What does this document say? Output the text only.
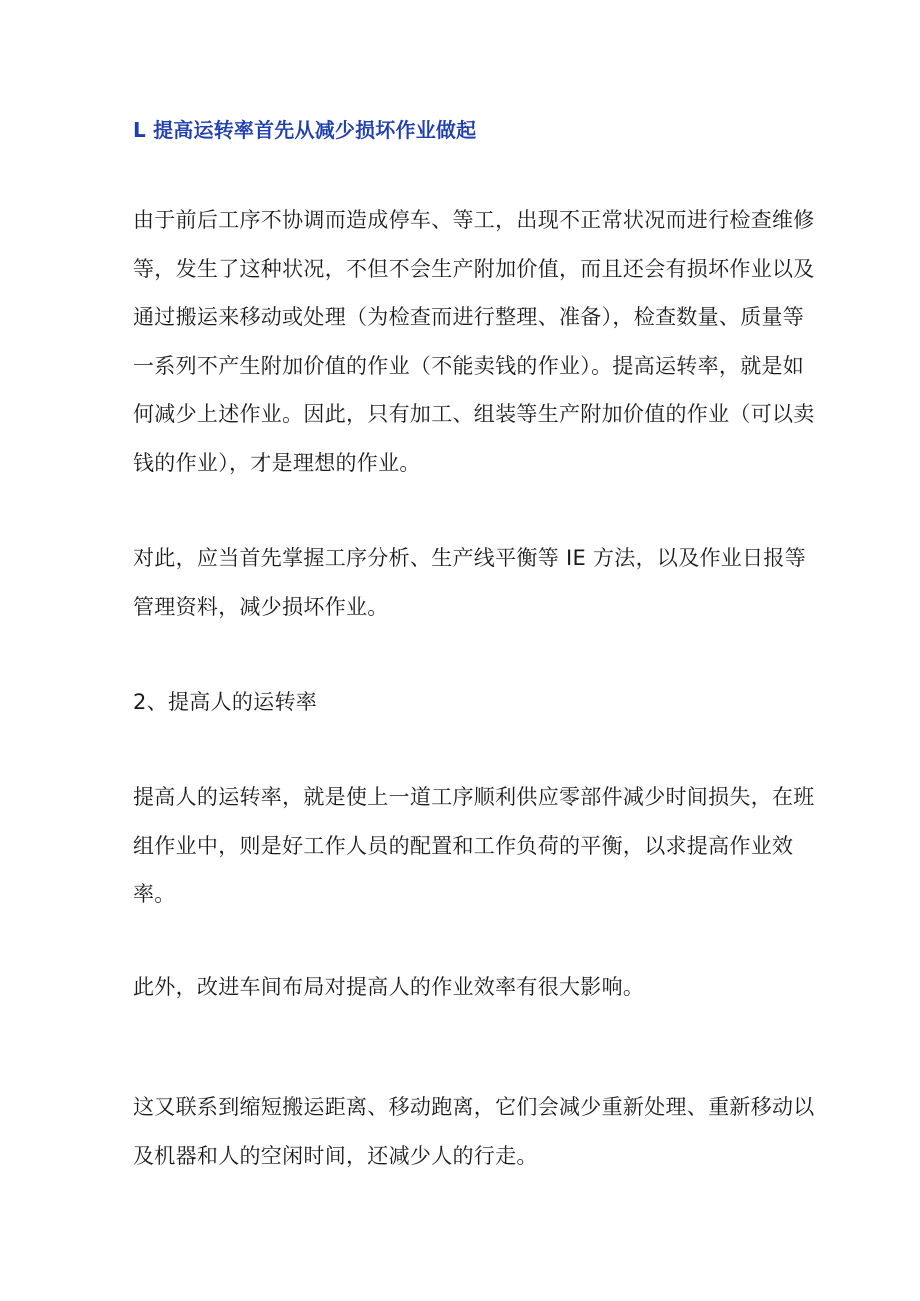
L 提高运转率首先从减少损坏作业做起

由于前后工序不协调而造成停车、等工，出现不正常状况而进行检查维修
等，发生了这种状况，不但不会生产附加价值，而且还会有损坏作业以及
通过搬运来移动或处理（为检查而进行整理、准备），检查数量、质量等
一系列不产生附加价值的作业（不能卖钱的作业）。提高运转率，就是如
何减少上述作业。因此，只有加工、组装等生产附加价值的作业（可以卖
钱的作业），才是理想的作业。

对此，应当首先掌握工序分析、生产线平衡等 IE 方法，以及作业日报等
管理资料，减少损坏作业。

2、提高人的运转率

提高人的运转率，就是使上一道工序顺利供应零部件减少时间损失，在班
组作业中，则是好工作人员的配置和工作负荷的平衡，以求提高作业效
率。

此外，改进车间布局对提高人的作业效率有很大影响。

这又联系到缩短搬运距离、移动跑离，它们会减少重新处理、重新移动以
及机器和人的空闲时间，还减少人的行走。
